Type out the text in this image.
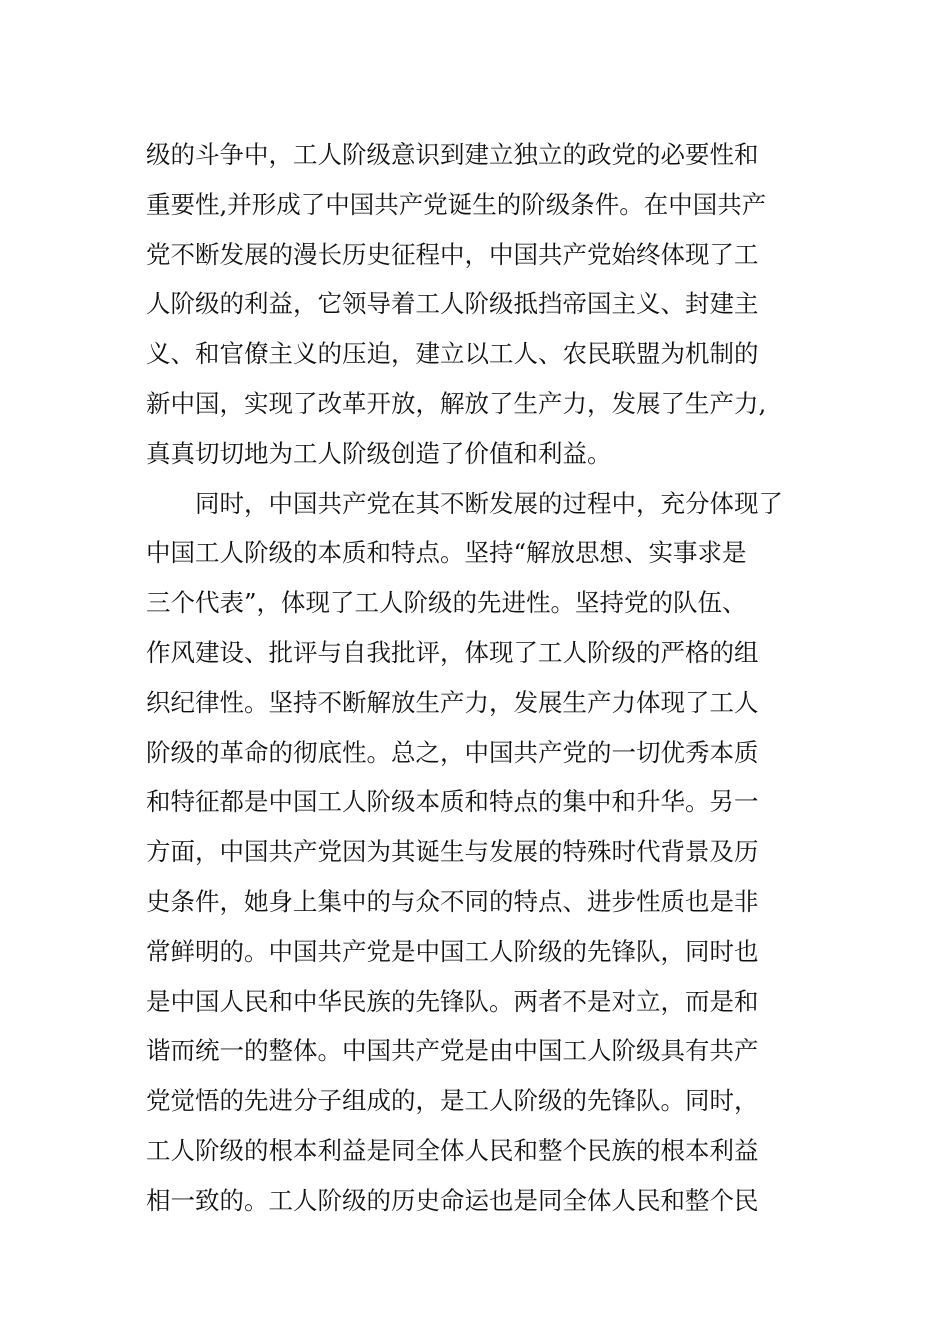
级的斗争中，工人阶级意识到建立独立的政党的必要性和
重要性,并形成了中国共产党诞生的阶级条件。在中国共产
党不断发展的漫长历史征程中，中国共产党始终体现了工
人阶级的利益，它领导着工人阶级抵挡帝国主义、封建主
义、和官僚主义的压迫，建立以工人、农民联盟为机制的
新中国，实现了改革开放，解放了生产力，发展了生产力,
真真切切地为工人阶级创造了价值和利益。
　　同时，中国共产党在其不断发展的过程中，充分体现了
中国工人阶级的本质和特点。坚持“解放思想、实事求是
三个代表”，体现了工人阶级的先进性。坚持党的队伍、
作风建设、批评与自我批评，体现了工人阶级的严格的组
织纪律性。坚持不断解放生产力，发展生产力体现了工人
阶级的革命的彻底性。总之，中国共产党的一切优秀本质
和特征都是中国工人阶级本质和特点的集中和升华。另一
方面，中国共产党因为其诞生与发展的特殊时代背景及历
史条件，她身上集中的与众不同的特点、进步性质也是非
常鲜明的。中国共产党是中国工人阶级的先锋队，同时也
是中国人民和中华民族的先锋队。两者不是对立，而是和
谐而统一的整体。中国共产党是由中国工人阶级具有共产
党觉悟的先进分子组成的，是工人阶级的先锋队。同时，
工人阶级的根本利益是同全体人民和整个民族的根本利益
相一致的。工人阶级的历史命运也是同全体人民和整个民
